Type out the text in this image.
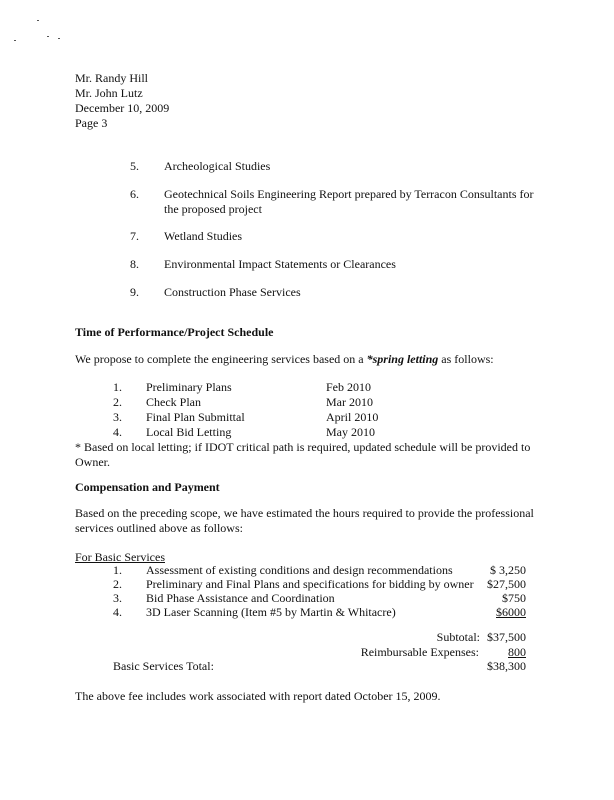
Mr. Randy Hill
Mr. John Lutz
December 10, 2009
Page 3
5. Archeological Studies
6. Geotechnical Soils Engineering Report prepared by Terracon Consultants for
the proposed project
7. Wetland Studies
8. Environmental Impact Statements or Clearances
9. Construction Phase Services
Time of Performance/Project Schedule
We propose to complete the engineering services based on a *spring letting as follows:
1. Preliminary Plans	Feb 2010
2. Check Plan	Mar 2010
3. Final Plan Submittal	April 2010
4. Local Bid Letting	May 2010
* Based on local letting; if IDOT critical path is required, updated schedule will be provided to
Owner.
Compensation and Payment
Based on the preceding scope, we have estimated the hours required to provide the professional
services outlined above as follows:
For Basic Services
1. Assessment of existing conditions and design recommendations	$ 3,250
2. Preliminary and Final Plans and specifications for bidding by owner $27,500
3. Bid Phase Assistance and Coordination	$750
4. 3D Laser Scanning (Item #5 by Martin & Whitacre)	$6000
Subtotal: $37,500
Reimbursable Expenses:	800
Basic Services Total:	$38,300
The above fee includes work associated with report dated October 15, 2009.
